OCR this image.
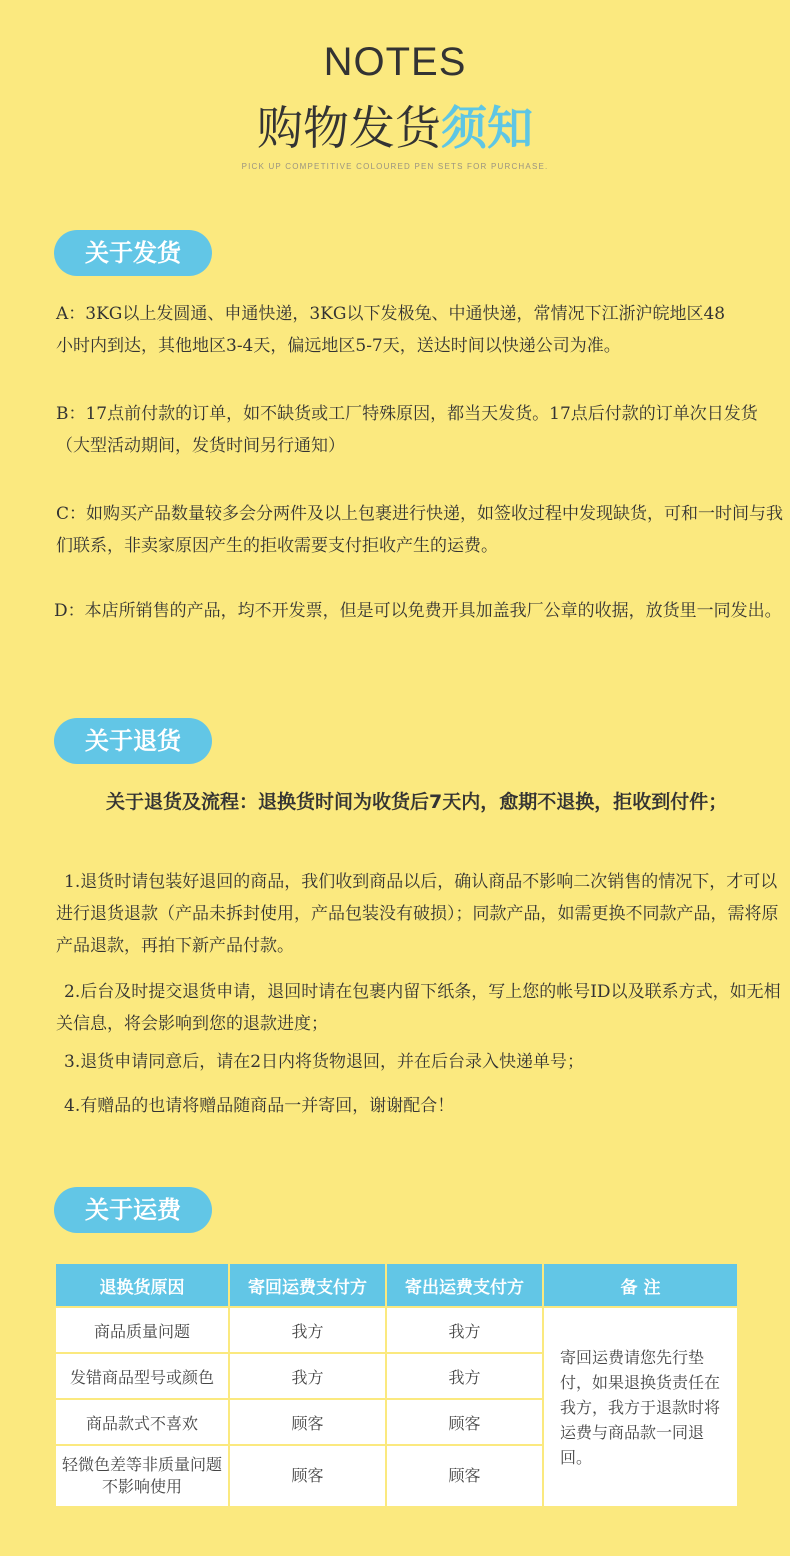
NOTES
购物发货须知
PICK UP COMPETITIVE COLOURED PEN SETS FOR PURCHASE.
关于发货

A：3KG以上发圆通、申通快递，3KG以下发极兔、中通快递，常情况下江浙沪皖地区48小时内到达，其他地区3-4天，偏远地区5-7天，送达时间以快递公司为准。

B：17点前付款的订单，如不缺货或工厂特殊原因，都当天发货。17点后付款的订单次日发货（大型活动期间，发货时间另行通知）

C：如购买产品数量较多会分两件及以上包裹进行快递，如签收过程中发现缺货，可和一时间与我们联系，非卖家原因产生的拒收需要支付拒收产生的运费。

D：本店所销售的产品，均不开发票，但是可以免费开具加盖我厂公章的收据，放货里一同发出。

关于退货

关于退货及流程：退换货时间为收货后7天内，愈期不退换，拒收到付件；

1.退货时请包装好退回的商品，我们收到商品以后，确认商品不影响二次销售的情况下，才可以进行退货退款（产品未拆封使用，产品包装没有破损）；同款产品，如需更换不同款产品，需将原产品退款，再拍下新产品付款。

2.后台及时提交退货申请，退回时请在包裹内留下纸条，写上您的帐号ID以及联系方式，如无相关信息，将会影响到您的退款进度；

3.退货申请同意后，请在2日内将货物退回，并在后台录入快递单号；

4.有赠品的也请将赠品随商品一并寄回，谢谢配合！

关于运费
退换货原因	寄回运费支付方	寄出运费支付方	备 注
商品质量问题	我方	我方	寄回运费请您先行垫付，如果退换货责任在我方，我方于退款时将运费与商品款一同退回。
发错商品型号或颜色	我方	我方	
商品款式不喜欢	顾客	顾客	
轻微色差等非质量问题不影响使用	顾客	顾客	
